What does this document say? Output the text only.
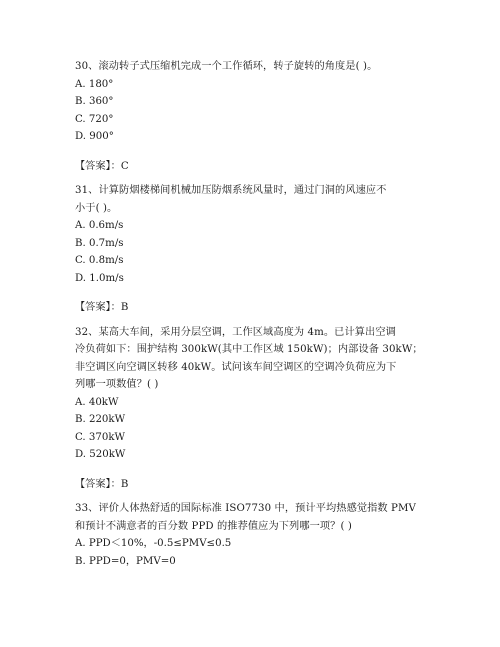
30、滚动转子式压缩机完成一个工作循环，转子旋转的角度是( )。

A. 180°

B. 360°

C. 720°

D. 900°

【答案】：C

31、计算防烟楼梯间机械加压防烟系统风量时，通过门洞的风速应不

小于( )。

A. 0.6m/s

B. 0.7m/s

C. 0.8m/s

D. 1.0m/s

【答案】：B

32、某高大车间，采用分层空调，工作区域高度为 4m。已计算出空调

冷负荷如下：围护结构 300kW(其中工作区域 150kW)；内部设备 30kW；

非空调区向空调区转移 40kW。试问该车间空调区的空调冷负荷应为下

列哪一项数值？( )

A. 40kW

B. 220kW

C. 370kW

D. 520kW

【答案】：B

33、评价人体热舒适的国际标准 ISO7730 中，预计平均热感觉指数 PMV

和预计不满意者的百分数 PPD 的推荐值应为下列哪一项？( )

A. PPD＜10%，-0.5≤PMV≤0.5

B. PPD=0，PMV=0
